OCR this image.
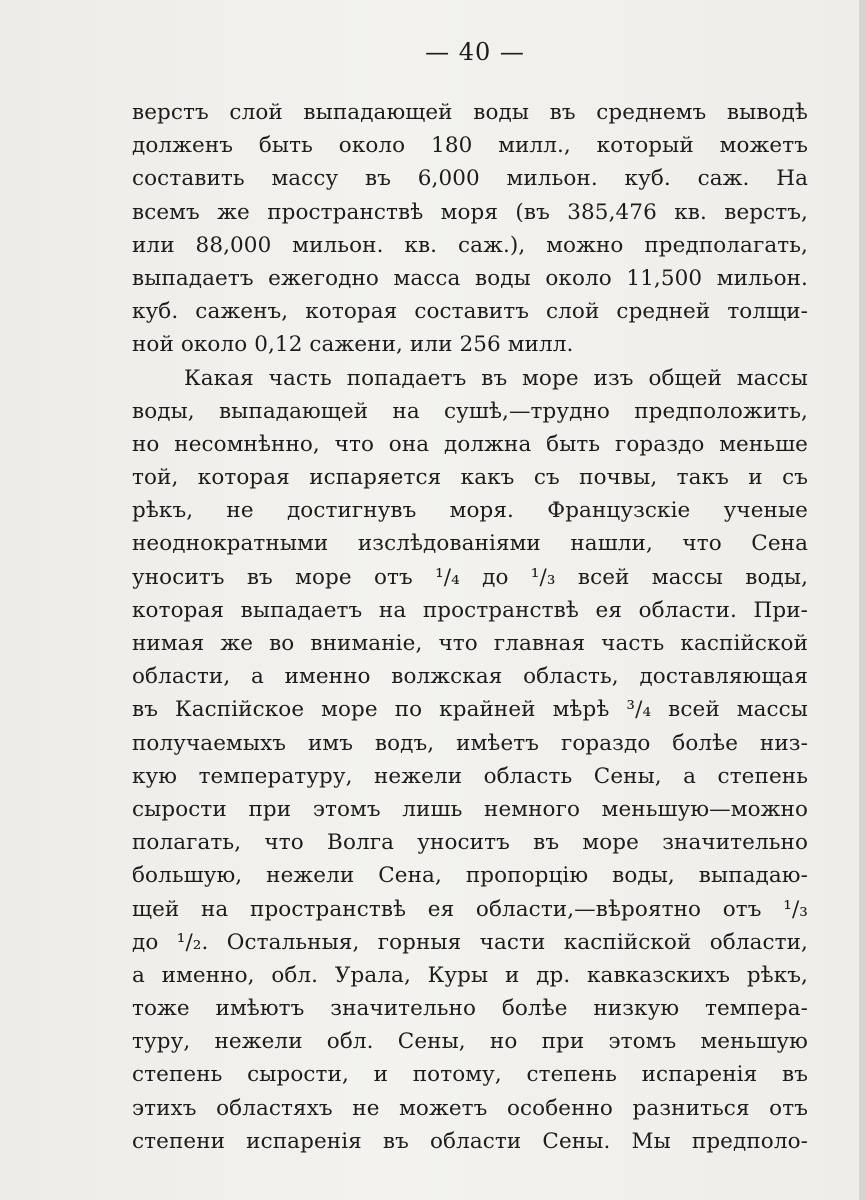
— 40 —
верстъ слой выпадающей воды въ среднемъ выводѣ
долженъ быть около 180 милл., который можетъ
составить массу въ 6,000 мильон. куб. саж. На
всемъ же пространствѣ моря (въ 385,476 кв. верстъ,
или 88,000 мильон. кв. саж.), можно предполагать,
выпадаетъ ежегодно масса воды около 11,500 мильон.
куб. саженъ, которая составитъ слой средней толщи-
ной около 0,12 сажени, или 256 милл.
Какая часть попадаетъ въ море изъ общей массы
воды, выпадающей на сушѣ,—трудно предположить,
но несомнѣнно, что она должна быть гораздо меньше
той, которая испаряется какъ съ почвы, такъ и съ
рѣкъ, не достигнувъ моря. Французскіе ученые
неоднократными изслѣдованіями нашли, что Сена
уноситъ въ море отъ ¹/₄ до ¹/₃ всей массы воды,
которая выпадаетъ на пространствѣ ея области. При-
нимая же во вниманіе, что главная часть каспійской
области, а именно волжская область, доставляющая
въ Каспійское море по крайней мѣрѣ ³/₄ всей массы
получаемыхъ имъ водъ, имѣетъ гораздо болѣе низ-
кую температуру, нежели область Сены, а степень
сырости при этомъ лишь немного меньшую—можно
полагать, что Волга уноситъ въ море значительно
большую, нежели Сена, пропорцію воды, выпадаю-
щей на пространствѣ ея области,—вѣроятно отъ ¹/₃
до ¹/₂. Остальныя, горныя части каспійской области,
а именно, обл. Урала, Куры и др. кавказскихъ рѣкъ,
тоже имѣютъ значительно болѣе низкую темпера-
туру, нежели обл. Сены, но при этомъ меньшую
степень сырости, и потому, степень испаренія въ
этихъ областяхъ не можетъ особенно разниться отъ
степени испаренія въ области Сены. Мы предполо-
